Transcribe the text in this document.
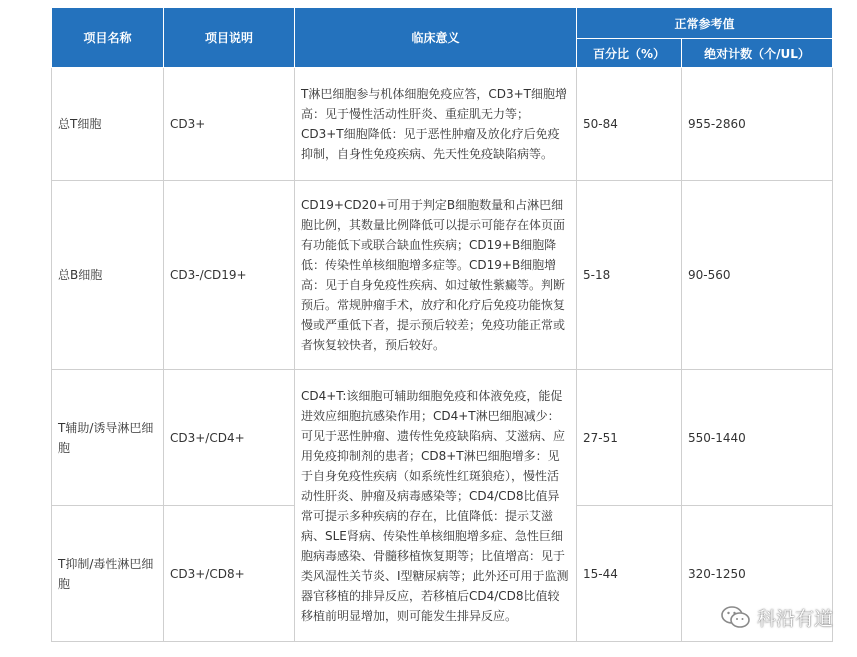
项目名称	项目说明	临床意义	正常参考值	
			百分比（%）	绝对计数（个/UL）
总T细胞	CD3+	T淋巴细胞参与机体细胞免疫应答，CD3+T细胞增高：见于慢性活动性肝炎、重症肌无力等；CD3+T细胞降低：见于恶性肿瘤及放化疗后免疫抑制，自身性免疫疾病、先天性免疫缺陷病等。	50-84	955-2860
总B细胞	CD3-/CD19+	CD19+CD20+可用于判定B细胞数量和占淋巴细胞比例，其数量比例降低可以提示可能存在体页面有功能低下或联合缺血性疾病；CD19+B细胞降低：传染性单核细胞增多症等。CD19+B细胞增高：见于自身免疫性疾病、如过敏性紫癜等。判断预后。常规肿瘤手术，放疗和化疗后免疫功能恢复慢或严重低下者，提示预后较差；免疫功能正常或者恢复较快者，预后较好。	5-18	90-560
T辅助/诱导淋巴细胞	CD3+/CD4+	CD4+T:该细胞可辅助细胞免疫和体液免疫，能促进效应细胞抗感染作用；CD4+T淋巴细胞减少：可见于恶性肿瘤、遗传性免疫缺陷病、艾滋病、应用免疫抑制剂的患者；CD8+T淋巴细胞增多：见于自身免疫性疾病（如系统性红斑狼疮），慢性活动性肝炎、肿瘤及病毒感染等；CD4/CD8比值异常可提示多种疾病的存在，比值降低：提示艾滋病、SLE肾病、传染性单核细胞增多症、急性巨细胞病毒感染、骨髓移植恢复期等；比值增高：见于类风湿性关节炎、I型糖尿病等；此外还可用于监测器官移植的排异反应，若移植后CD4/CD8比值较移植前明显增加，则可能发生排异反应。	27-51	550-1440
T抑制/毒性淋巴细胞	CD3+/CD8+		15-44	320-1250
科沿有道
